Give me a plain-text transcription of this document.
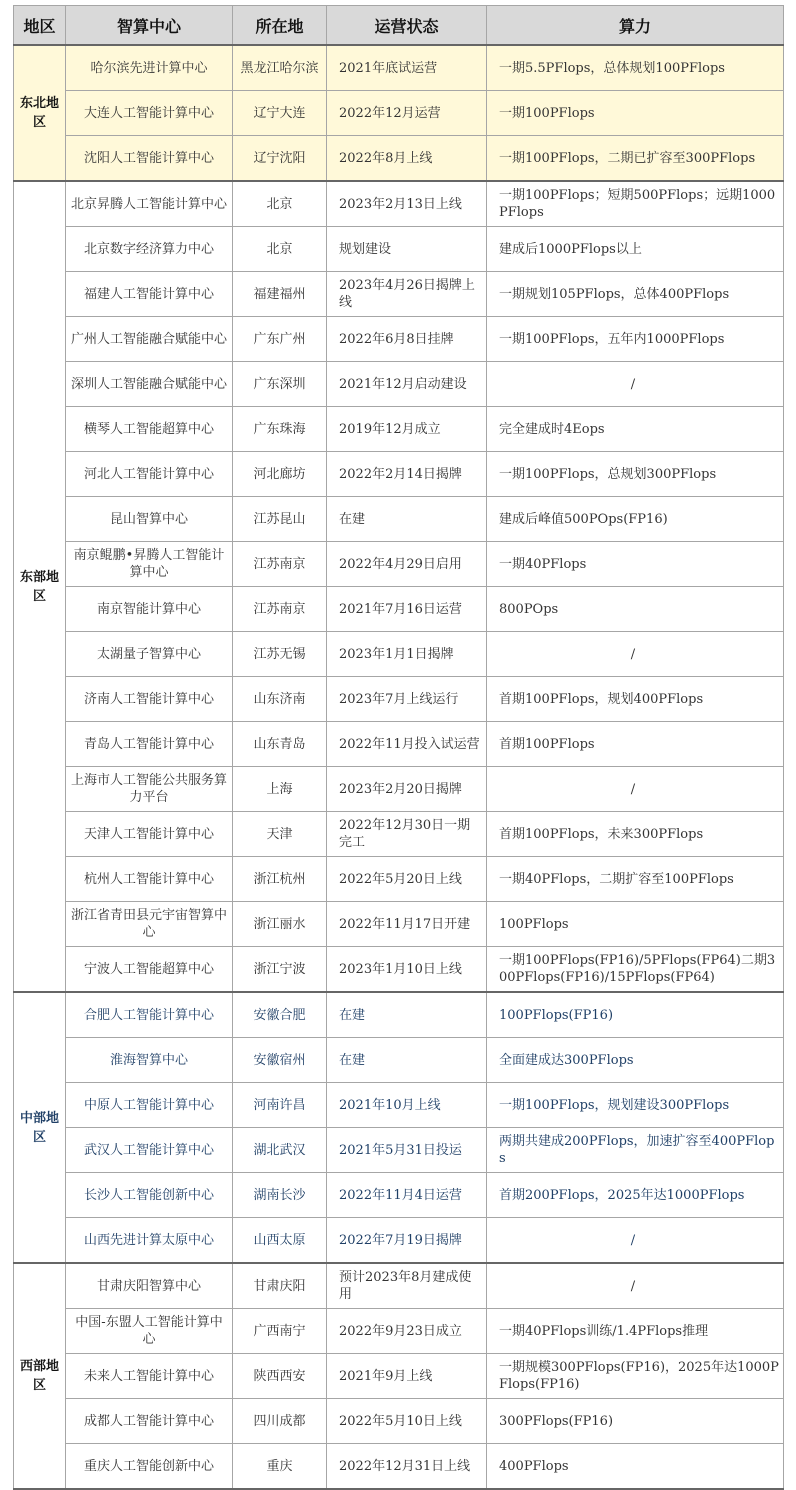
地区	智算中心	所在地	运营状态	算力
东北地区	哈尔滨先进计算中心	黑龙江哈尔滨	2021年底试运营	一期5.5PFlops，总体规划100PFlops
	大连人工智能计算中心	辽宁大连	2022年12月运营	一期100PFlops
	沈阳人工智能计算中心	辽宁沈阳	2022年8月上线	一期100PFlops，二期已扩容至300PFlops
东部地区	北京昇腾人工智能计算中心	北京	2023年2月13日上线	一期100PFlops；短期500PFlops；远期1000PFlops
	北京数字经济算力中心	北京	规划建设	建成后1000PFlops以上
	福建人工智能计算中心	福建福州	2023年4月26日揭牌上线	一期规划105PFlops，总体400PFlops
	广州人工智能融合赋能中心	广东广州	2022年6月8日挂牌	一期100PFlops，五年内1000PFlops
	深圳人工智能融合赋能中心	广东深圳	2021年12月启动建设	/
	横琴人工智能超算中心	广东珠海	2019年12月成立	完全建成时4Eops
	河北人工智能计算中心	河北廊坊	2022年2月14日揭牌	一期100PFlops，总规划300PFlops
	昆山智算中心	江苏昆山	在建	建成后峰值500POps(FP16)
	南京鲲鹏•昇腾人工智能计算中心	江苏南京	2022年4月29日启用	一期40PFlops
	南京智能计算中心	江苏南京	2021年7月16日运营	800POps
	太湖量子智算中心	江苏无锡	2023年1月1日揭牌	/
	济南人工智能计算中心	山东济南	2023年7月上线运行	首期100PFlops，规划400PFlops
	青岛人工智能计算中心	山东青岛	2022年11月投入试运营	首期100PFlops
	上海市人工智能公共服务算力平台	上海	2023年2月20日揭牌	/
	天津人工智能计算中心	天津	2022年12月30日一期完工	首期100PFlops，未来300PFlops
	杭州人工智能计算中心	浙江杭州	2022年5月20日上线	一期40PFlops，二期扩容至100PFlops
	浙江省青田县元宇宙智算中心	浙江丽水	2022年11月17日开建	100PFlops
	宁波人工智能超算中心	浙江宁波	2023年1月10日上线	一期100PFlops(FP16)/5PFlops(FP64)二期300PFlops(FP16)/15PFlops(FP64)
中部地区	合肥人工智能计算中心	安徽合肥	在建	100PFlops(FP16)
	淮海智算中心	安徽宿州	在建	全面建成达300PFlops
	中原人工智能计算中心	河南许昌	2021年10月上线	一期100PFlops，规划建设300PFlops
	武汉人工智能计算中心	湖北武汉	2021年5月31日投运	两期共建成200PFlops，加速扩容至400PFlops
	长沙人工智能创新中心	湖南长沙	2022年11月4日运营	首期200PFlops，2025年达1000PFlops
	山西先进计算太原中心	山西太原	2022年7月19日揭牌	/
西部地区	甘肃庆阳智算中心	甘肃庆阳	预计2023年8月建成使用	/
	中国-东盟人工智能计算中心	广西南宁	2022年9月23日成立	一期40PFlops训练/1.4PFlops推理
	未来人工智能计算中心	陕西西安	2021年9月上线	一期规模300PFlops(FP16)，2025年达1000PFlops(FP16)
	成都人工智能计算中心	四川成都	2022年5月10日上线	300PFlops(FP16)
	重庆人工智能创新中心	重庆	2022年12月31日上线	400PFlops
